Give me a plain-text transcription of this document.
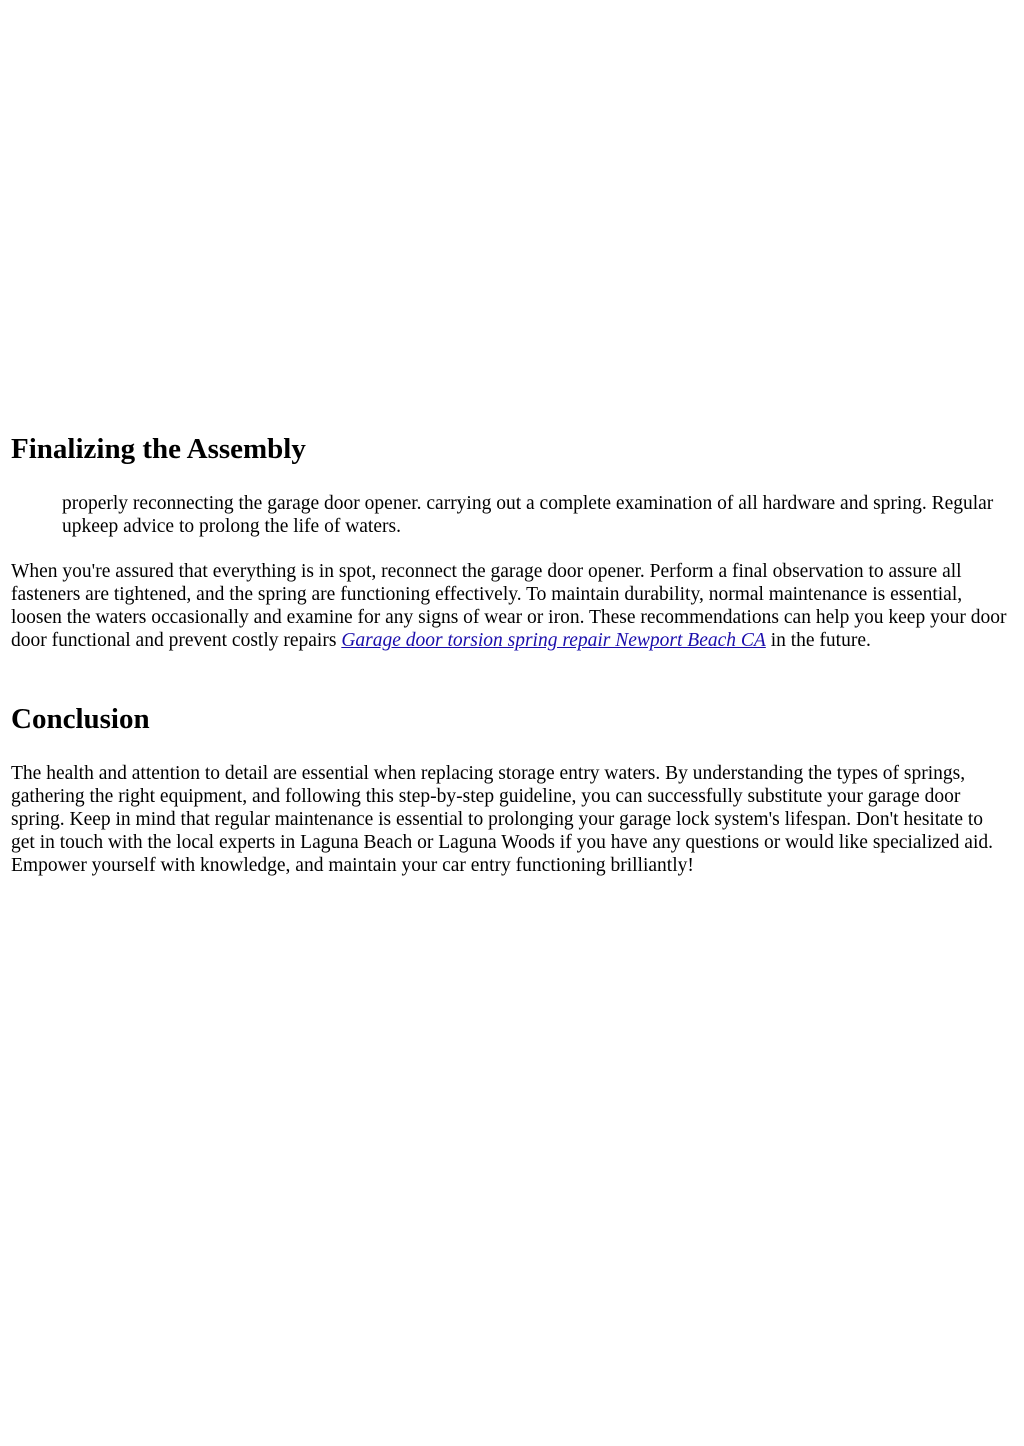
Finalizing the Assembly
properly reconnecting the garage door opener. carrying out a complete examination of all hardware and spring. Regular upkeep advice to prolong the life of waters.

When you're assured that everything is in spot, reconnect the garage door opener. Perform a final observation to assure all fasteners are tightened, and the spring are functioning effectively. To maintain durability, normal maintenance is essential, loosen the waters occasionally and examine for any signs of wear or iron. These recommendations can help you keep your door door functional and prevent costly repairs Garage door torsion spring repair Newport Beach CA in the future.

Conclusion

The health and attention to detail are essential when replacing storage entry waters. By understanding the types of springs, gathering the right equipment, and following this step-by-step guideline, you can successfully substitute your garage door spring. Keep in mind that regular maintenance is essential to prolonging your garage lock system's lifespan. Don't hesitate to get in touch with the local experts in Laguna Beach or Laguna Woods if you have any questions or would like specialized aid. Empower yourself with knowledge, and maintain your car entry functioning brilliantly!
